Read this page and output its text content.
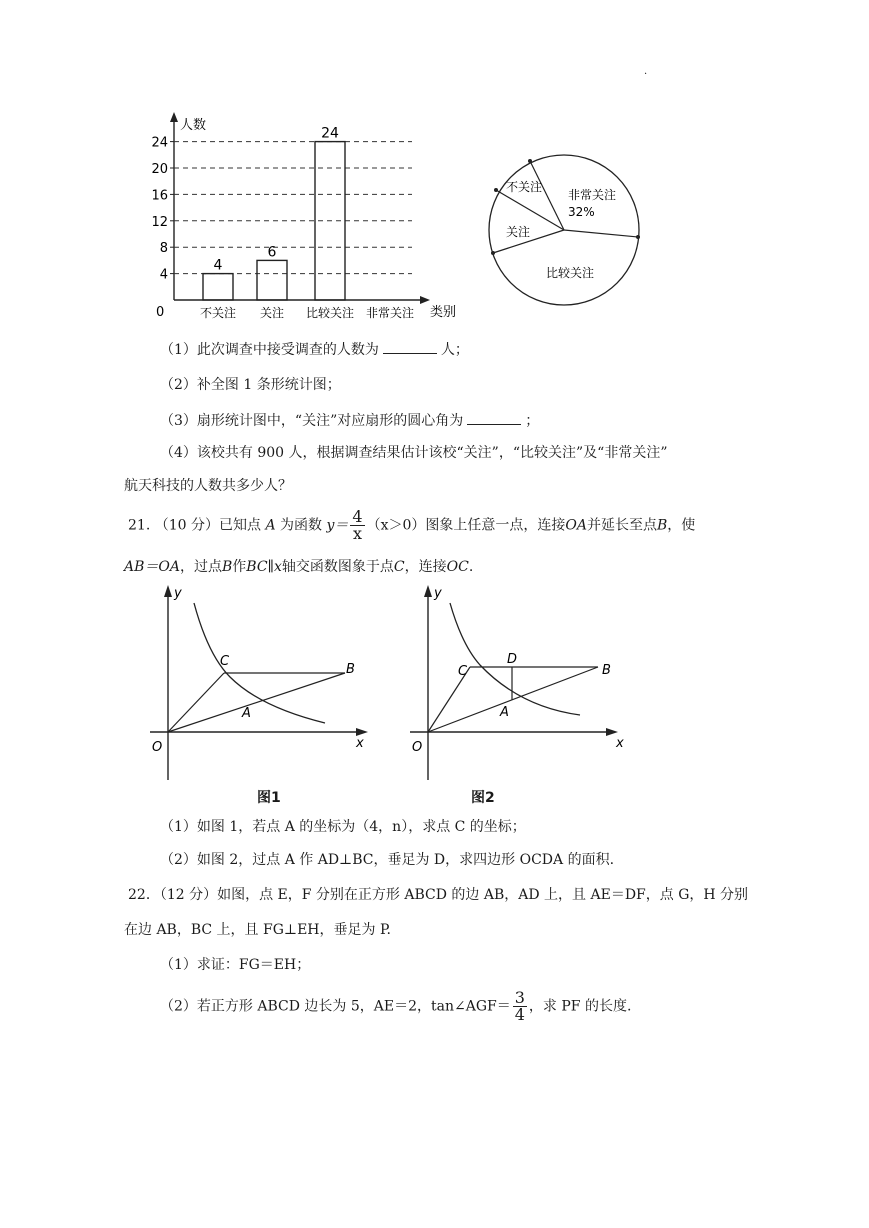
.
4
8
12
16
20
24
4
6
24
不关注 关注 比较关注 非常关注
人数
类别
0
不关注
非常关注
32%
关注
比较关注
（1）此次调查中接受调查的人数为	人；
（2）补全图 1 条形统计图；
（3）扇形统计图中，“关注”对应扇形的圆心角为	；
（4）该校共有 900 人，根据调查结果估计该校“关注”，“比较关注”及“非常关注”
航天科技的人数共多少人？
21. （10 分）已知点 A 为函数 $y= \frac{4}{x} (x>0)$图象上任意一点，连接OA并延长至点B，使
AB＝OA，过点B作BC∥x轴交函数图象于点C，连接OC.
y
x
O
C
B
A
图1
y
x
O
C
D
B
A
图2
（1）如图 1，若点 A 的坐标为（4，n），求点 C 的坐标；
（2）如图 2，过点 A 作 AD⊥BC，垂足为 D，求四边形 OCDA 的面积.
22．（12 分）如图，点 E，F 分别在正方形 ABCD 的边 AB，AD 上，且 AE＝DF，点 G，H 分别
在边 AB，BC 上，且 FG⊥EH，垂足为 P.
（1）求证：FG＝EH；
（2）若正方形 ABCD 边长为 5，AE＝2，tan∠AGF＝ $\frac{3}{4}$ ，求 PF 的长度.
